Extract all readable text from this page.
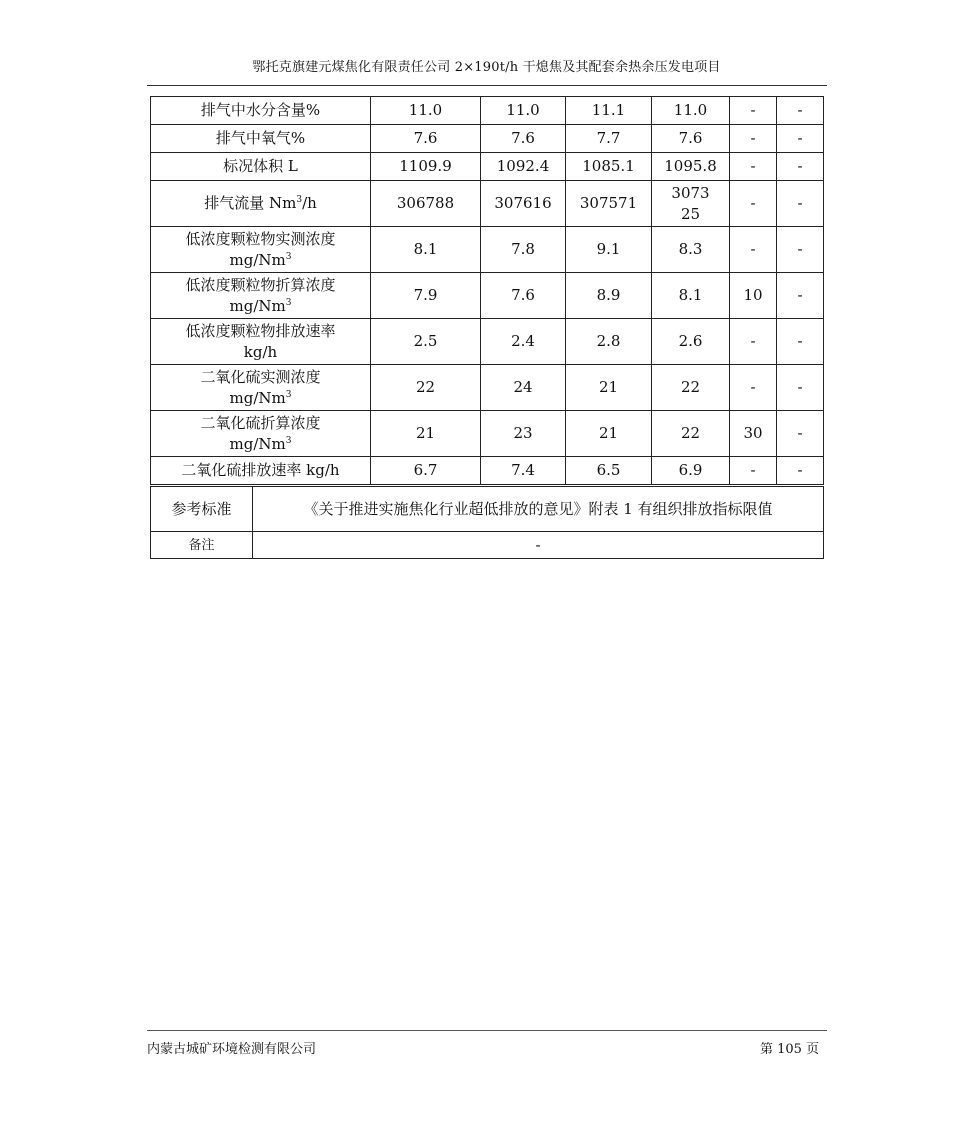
鄂托克旗建元煤焦化有限责任公司 2×190t/h 干熄焦及其配套余热余压发电项目
排气中水分含量%	11.0	11.0	11.1	11.0	-	-
排气中氧气%	7.6	7.6	7.7	7.6	-	-
标况体积 L	1109.9	1092.4	1085.1	1095.8	-	-
排气流量 Nm$^3$/h	306788	307616	307571	307325	-	-
低浓度颗粒物实测浓度
mg/Nm$^3$	8.1	7.8	9.1	8.3	-	-
低浓度颗粒物折算浓度
mg/Nm$^3$	7.9	7.6	8.9	8.1	10	-
低浓度颗粒物排放速率
kg/h	2.5	2.4	2.8	2.6	-	-
二氧化硫实测浓度
mg/Nm$^3$	22	24	21	22	-	-
二氧化硫折算浓度
mg/Nm$^3$	21	23	21	22	30	-
二氧化硫排放速率 kg/h	6.7	7.4	6.5	6.9	-	-
参考标准	《关于推进实施焦化行业超低排放的意见》附表 1 有组织排放指标限值
备注	-
内蒙古城矿环境检测有限公司	第 105 页
